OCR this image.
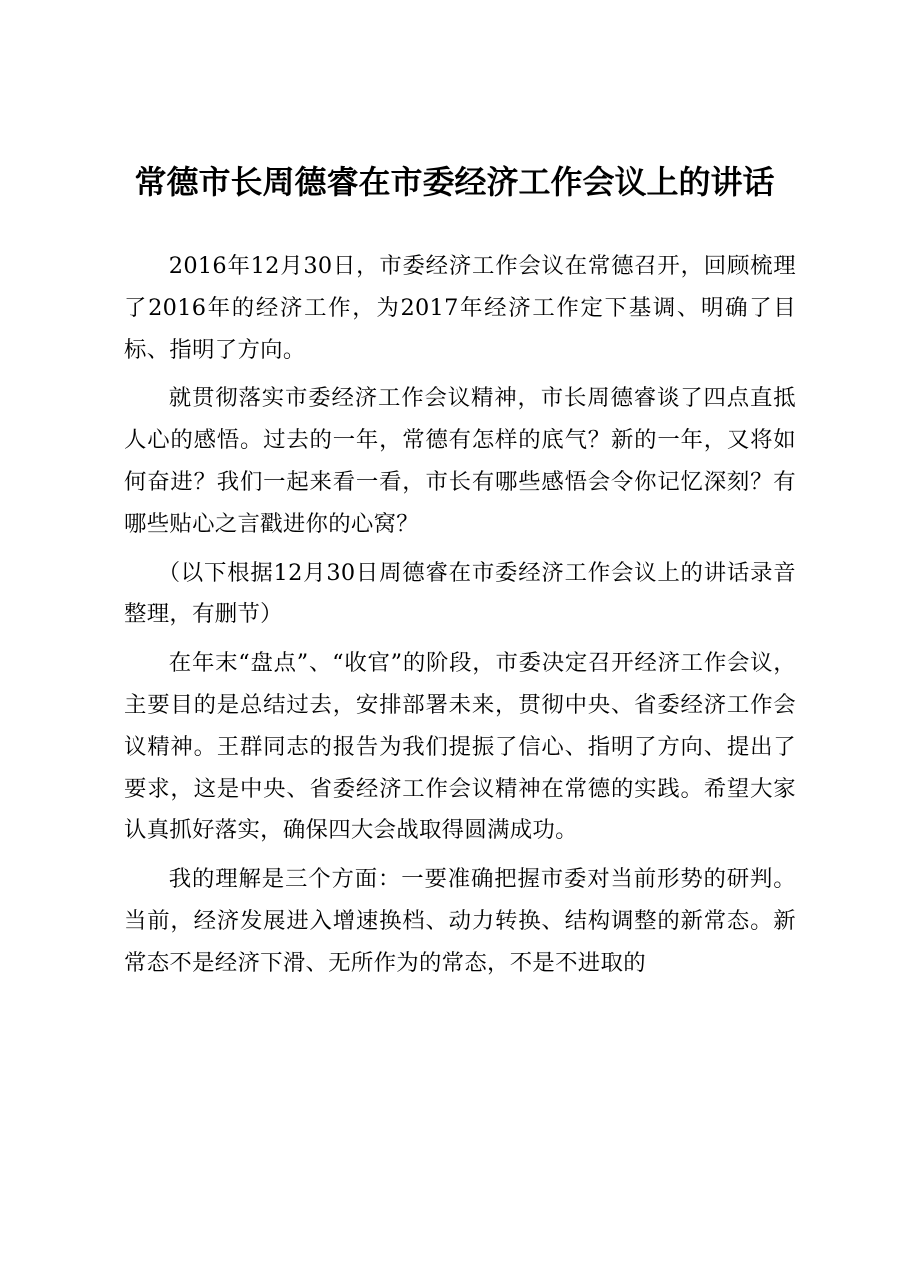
常德市长周德睿在市委经济工作会议上的讲话

2016年12月30日，市委经济工作会议在常德召开，回顾梳理了2016年的经济工作，为2017年经济工作定下基调、明确了目标、指明了方向。

就贯彻落实市委经济工作会议精神，市长周德睿谈了四点直抵人心的感悟。过去的一年，常德有怎样的底气？新的一年，又将如何奋进？我们一起来看一看，市长有哪些感悟会令你记忆深刻？有哪些贴心之言戳进你的心窝？

（以下根据12月30日周德睿在市委经济工作会议上的讲话录音整理，有删节）

在年末“盘点”、“收官”的阶段，市委决定召开经济工作会议，主要目的是总结过去，安排部署未来，贯彻中央、省委经济工作会议精神。王群同志的报告为我们提振了信心、指明了方向、提出了要求，这是中央、省委经济工作会议精神在常德的实践。希望大家认真抓好落实，确保四大会战取得圆满成功。

我的理解是三个方面：一要准确把握市委对当前形势的研判。当前，经济发展进入增速换档、动力转换、结构调整的新常态。新常态不是经济下滑、无所作为的常态，不是不进取的
